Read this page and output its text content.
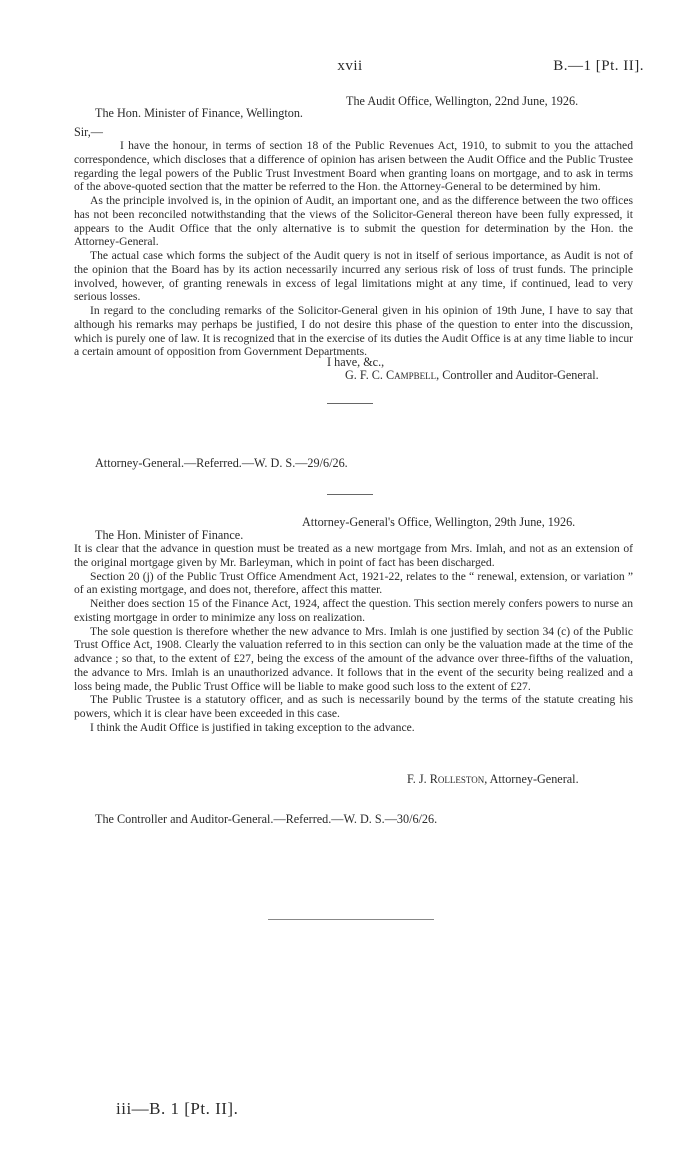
xvii	B.—1 [Pt. II].
The Audit Office, Wellington, 22nd June, 1926.
The Hon. Minister of Finance, Wellington.
Sir,—
I have the honour, in terms of section 18 of the Public Revenues Act, 1910, to submit to you the attached correspondence, which discloses that a difference of opinion has arisen between the Audit Office and the Public Trustee regarding the legal powers of the Public Trust Investment Board when granting loans on mortgage, and to ask in terms of the above-quoted section that the matter be referred to the Hon. the Attorney-General to be determined by him.
As the principle involved is, in the opinion of Audit, an important one, and as the difference between the two offices has not been reconciled notwithstanding that the views of the Solicitor-General thereon have been fully expressed, it appears to the Audit Office that the only alternative is to submit the question for determination by the Hon. the Attorney-General.
The actual case which forms the subject of the Audit query is not in itself of serious importance, as Audit is not of the opinion that the Board has by its action necessarily incurred any serious risk of loss of trust funds. The principle involved, however, of granting renewals in excess of legal limitations might at any time, if continued, lead to very serious losses.
In regard to the concluding remarks of the Solicitor-General given in his opinion of 19th June, I have to say that although his remarks may perhaps be justified, I do not desire this phase of the question to enter into the discussion, which is purely one of law. It is recognized that in the exercise of its duties the Audit Office is at any time liable to incur a certain amount of opposition from Government Departments.
I have, &c.,
G. F. C. Campbell, Controller and Auditor-General.
Attorney-General.—Referred.—W. D. S.—29/6/26.
Attorney-General's Office, Wellington, 29th June, 1926.
The Hon. Minister of Finance.
It is clear that the advance in question must be treated as a new mortgage from Mrs. Imlah, and not as an extension of the original mortgage given by Mr. Barleyman, which in point of fact has been discharged.
Section 20 (j) of the Public Trust Office Amendment Act, 1921-22, relates to the “ renewal, extension, or variation ” of an existing mortgage, and does not, therefore, affect this matter.
Neither does section 15 of the Finance Act, 1924, affect the question. This section merely confers powers to nurse an existing mortgage in order to minimize any loss on realization.
The sole question is therefore whether the new advance to Mrs. Imlah is one justified by section 34 (c) of the Public Trust Office Act, 1908. Clearly the valuation referred to in this section can only be the valuation made at the time of the advance ; so that, to the extent of £27, being the excess of the amount of the advance over three-fifths of the valuation, the advance to Mrs. Imlah is an unauthorized advance. It follows that in the event of the security being realized and a loss being made, the Public Trust Office will be liable to make good such loss to the extent of £27.
The Public Trustee is a statutory officer, and as such is necessarily bound by the terms of the statute creating his powers, which it is clear have been exceeded in this case.
I think the Audit Office is justified in taking exception to the advance.
F. J. Rolleston, Attorney-General.
The Controller and Auditor-General.—Referred.—W. D. S.—30/6/26.
iii—B. 1 [Pt. II].
